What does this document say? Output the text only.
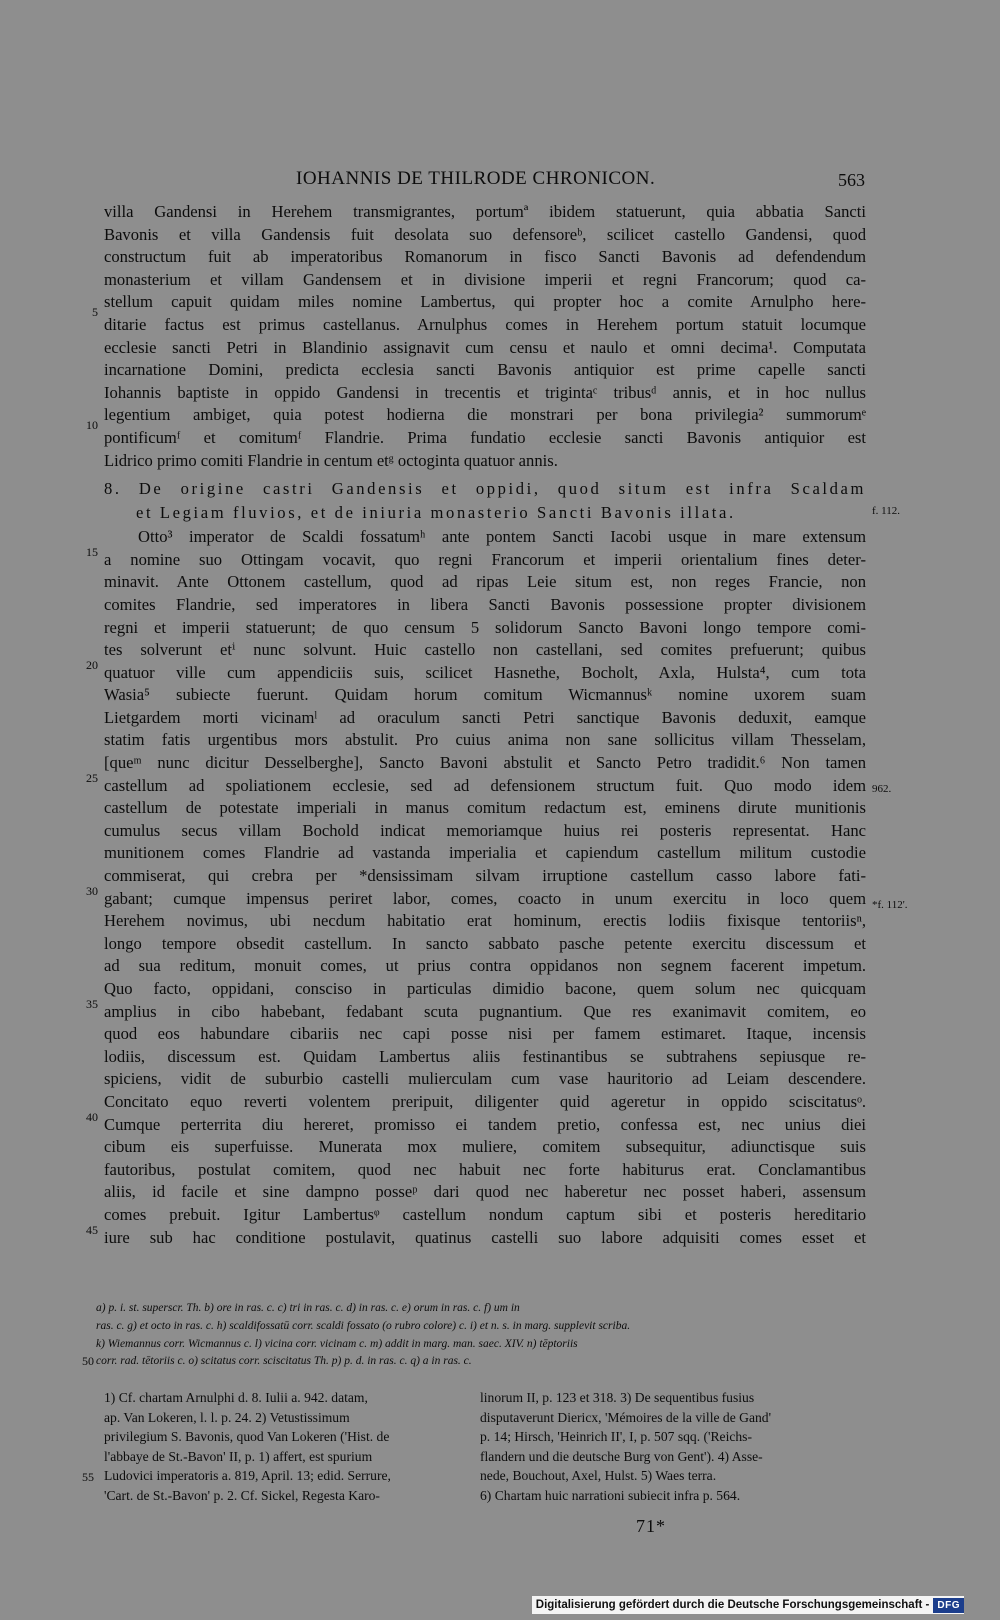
IOHANNIS DE THILRODE CHRONICON.	563
villa Gandensi in Herehem transmigrantes, portumª ibidem statuerunt, quia abbatia Sancti
Bavonis et villa Gandensis fuit desolata suo defensoreᵇ, scilicet castello Gandensi, quod
constructum fuit ab imperatoribus Romanorum in fisco Sancti Bavonis ad defendendum
monasterium et villam Gandensem et in divisione imperii et regni Francorum; quod ca-
stellum capuit quidam miles nomine Lambertus, qui propter hoc a comite Arnulpho here-
ditarie factus est primus castellanus. Arnulphus comes in Herehem portum statuit locumque
ecclesie sancti Petri in Blandinio assignavit cum censu et naulo et omni decima¹. Computata
incarnatione Domini, predicta ecclesia sancti Bavonis antiquior est prime capelle sancti
Iohannis baptiste in oppido Gandensi in trecentis et trigintaᶜ tribusᵈ annis, et in hoc nullus
legentium ambiget, quia potest hodierna die monstrari per bona privilegia² summorumᵉ
pontificumᶠ et comitumᶠ Flandrie. Prima fundatio ecclesie sancti Bavonis antiquior est
Lidrico primo comiti Flandrie in centum etᵍ octoginta quatuor annis.
8. De origine castri Gandensis et oppidi, quod situm est infra Scaldam
et Legiam fluvios, et de iniuria monasterio Sancti Bavonis illata.
Otto³ imperator de Scaldi fossatumʰ ante pontem Sancti Iacobi usque in mare extensum
a nomine suo Ottingam vocavit, quo regni Francorum et imperii orientalium fines deter-
minavit. Ante Ottonem castellum, quod ad ripas Leie situm est, non reges Francie, non
comites Flandrie, sed imperatores in libera Sancti Bavonis possessione propter divisionem
regni et imperii statuerunt; de quo censum 5 solidorum Sancto Bavoni longo tempore comi-
tes solverunt etⁱ nunc solvunt. Huic castello non castellani, sed comites prefuerunt; quibus
quatuor ville cum appendiciis suis, scilicet Hasnethe, Bocholt, Axla, Hulsta⁴, cum tota
Wasia⁵ subiecte fuerunt. Quidam horum comitum Wicmannusᵏ nomine uxorem suam
Lietgardem morti vicinamˡ ad oraculum sancti Petri sanctique Bavonis deduxit, eamque
statim fatis urgentibus mors abstulit. Pro cuius anima non sane sollicitus villam Thesselam,
[queᵐ nunc dicitur Desselberghe], Sancto Bavoni abstulit et Sancto Petro tradidit.⁶ Non tamen
castellum ad spoliationem ecclesie, sed ad defensionem structum fuit. Quo modo idem
castellum de potestate imperiali in manus comitum redactum est, eminens dirute munitionis
cumulus secus villam Bochold indicat memoriamque huius rei posteris representat. Hanc
munitionem comes Flandrie ad vastanda imperialia et capiendum castellum militum custodie
commiserat, qui crebra per *densissimam silvam irruptione castellum casso labore fati-
gabant; cumque impensus periret labor, comes, coacto in unum exercitu in loco quem
Herehem novimus, ubi necdum habitatio erat hominum, erectis lodiis fixisque tentoriisⁿ,
longo tempore obsedit castellum. In sancto sabbato pasche petente exercitu discessum et
ad sua reditum, monuit comes, ut prius contra oppidanos non segnem facerent impetum.
Quo facto, oppidani, consciso in particulas dimidio bacone, quem solum nec quicquam
amplius in cibo habebant, fedabant scuta pugnantium. Que res exanimavit comitem, eo
quod eos habundare cibariis nec capi posse nisi per famem estimaret. Itaque, incensis
lodiis, discessum est. Quidam Lambertus aliis festinantibus se subtrahens sepiusque re-
spiciens, vidit de suburbio castelli mulierculam cum vase hauritorio ad Leiam descendere.
Concitato equo reverti volentem preripuit, diligenter quid ageretur in oppido sciscitatusᵒ.
Cumque perterrita diu hereret, promisso ei tandem pretio, confessa est, nec unius diei
cibum eis superfuisse. Munerata mox muliere, comitem subsequitur, adiunctisque suis
fautoribus, postulat comitem, quod nec habuit nec forte habiturus erat. Conclamantibus
aliis, id facile et sine dampno posseᵖ dari quod nec haberetur nec posset haberi, assensum
comes prebuit. Igitur Lambertusᵠ castellum nondum captum sibi et posteris hereditario
iure sub hac conditione postulavit, quatinus castelli suo labore adquisiti comes esset et
5
10
15
20
25
30
35
40
45
50
55
f. 112.
962.
*f. 112'.
a) p. i. st. superscr. Th. b) ore in ras. c. c) tri in ras. c. d) in ras. c. e) orum in ras. c. f) um in
ras. c. g) et octo in ras. c. h) scaldifossatū corr. scaldi fossato (o rubro colore) c. i) et n. s. in marg. supplevit scriba.
k) Wiemannus corr. Wicmannus c. l) vicina corr. vicinam c. m) addit in marg. man. saec. XIV. n) tēptoriis
corr. rad. tētoriis c. o) scitatus corr. sciscitatus Th. p) p. d. in ras. c. q) a in ras. c.
1) Cf. chartam Arnulphi d. 8. Iulii a. 942. datam,
ap. Van Lokeren, l. l. p. 24. 2) Vetustissimum
privilegium S. Bavonis, quod Van Lokeren ('Hist. de
l'abbaye de St.-Bavon' II, p. 1) affert, est spurium
Ludovici imperatoris a. 819, April. 13; edid. Serrure,
'Cart. de St.-Bavon' p. 2. Cf. Sickel, Regesta Karo-
linorum II, p. 123 et 318. 3) De sequentibus fusius
disputaverunt Diericx, 'Mémoires de la ville de Gand'
p. 14; Hirsch, 'Heinrich II', I, p. 507 sqq. ('Reichs-
flandern und die deutsche Burg von Gent'). 4) Asse-
nede, Bouchout, Axel, Hulst. 5) Waes terra.
6) Chartam huic narrationi subiecit infra p. 564.
71*
Digitalisierung gefördert durch die Deutsche Forschungsgemeinschaft - DFG
